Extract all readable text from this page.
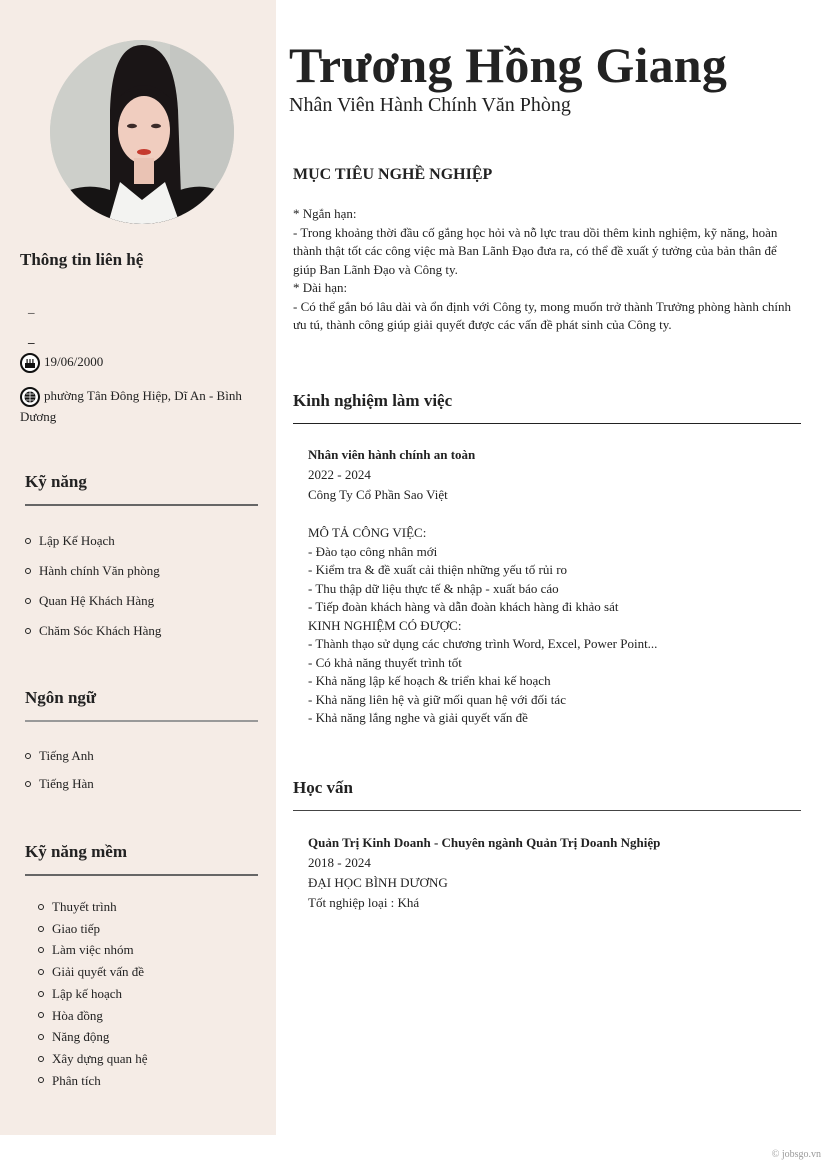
Thông tin liên hệ
_
_
19/06/2000
phường Tân Đông Hiệp, Dĩ An - Bình Dương
Kỹ năng
Lập Kế Hoạch
Hành chính Văn phòng
Quan Hệ Khách Hàng
Chăm Sóc Khách Hàng
Ngôn ngữ
Tiếng Anh
Tiếng Hàn
Kỹ năng mềm
Thuyết trình
Giao tiếp
Làm việc nhóm
Giải quyết vấn đề
Lập kế hoạch
Hòa đồng
Năng động
Xây dựng quan hệ
Phân tích
Trương Hồng Giang
Nhân Viên Hành Chính Văn Phòng
MỤC TIÊU NGHỀ NGHIỆP
* Ngắn hạn:
- Trong khoảng thời đầu cố gắng học hỏi và nỗ lực trau dồi thêm kinh nghiệm, kỹ năng, hoàn thành thật tốt các công việc mà Ban Lãnh Đạo đưa ra, có thể đề xuất ý tưởng của bản thân để giúp Ban Lãnh Đạo và Công ty.
* Dài hạn:
- Có thể gắn bó lâu dài và ổn định với Công ty, mong muốn trở thành Trưởng phòng hành chính ưu tú, thành công giúp giải quyết được các vấn đề phát sinh của Công ty.
Kinh nghiệm làm việc
Nhân viên hành chính an toàn
2022 - 2024
Công Ty Cổ Phần Sao Việt
MÔ TẢ CÔNG VIỆC:
- Đào tạo công nhân mới
- Kiểm tra & đề xuất cải thiện những yếu tố rủi ro
- Thu thập dữ liệu thực tế & nhập - xuất báo cáo
- Tiếp đoàn khách hàng và dẫn đoàn khách hàng đi khảo sát
KINH NGHIỆM CÓ ĐƯỢC:
- Thành thạo sử dụng các chương trình Word, Excel, Power Point...
- Có khả năng thuyết trình tốt
- Khả năng lập kế hoạch & triển khai kế hoạch
- Khả năng liên hệ và giữ mối quan hệ với đối tác
- Khả năng lắng nghe và giải quyết vấn đề
Học vấn
Quản Trị Kinh Doanh - Chuyên ngành Quản Trị Doanh Nghiệp
2018 - 2024
ĐẠI HỌC BÌNH DƯƠNG
Tốt nghiệp loại : Khá
© jobsgo.vn
